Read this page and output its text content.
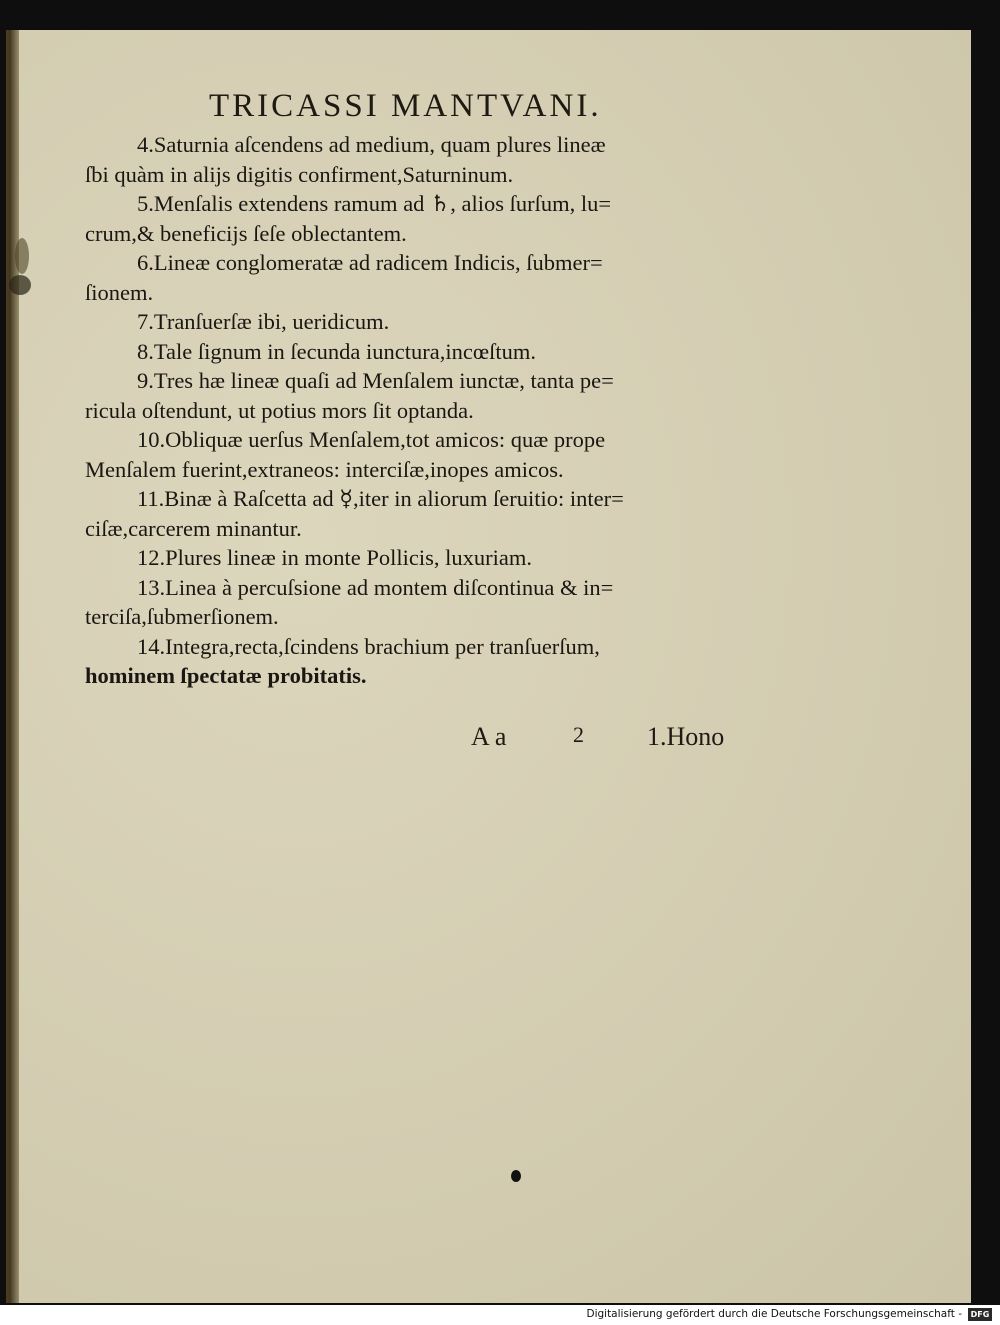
TRICASSI MANTVANI.
4.Saturnia aſcendens ad medium, quam plures lineæ
ſbi quàm in alijs digitis confirment,Saturninum.
5.Menſalis extendens ramum ad ♄, alios ſurſum, lu=
crum,& beneficijs ſeſe oblectantem.
6.Lineæ conglomeratæ ad radicem Indicis, ſubmer=
ſionem.
7.Tranſuerſæ ibi, ueridicum.
8.Tale ſignum in ſecunda iunctura,incœſtum.
9.Tres hæ lineæ quaſi ad Menſalem iunctæ, tanta pe=
ricula oſtendunt, ut potius mors ſit optanda.
10.Obliquæ uerſus Menſalem,tot amicos: quæ prope
Menſalem fuerint,extraneos: interciſæ,inopes amicos.
11.Binæ à Raſcetta ad ☿,iter in aliorum ſeruitio: inter=
ciſæ,carcerem minantur.
12.Plures lineæ in monte Pollicis, luxuriam.
13.Linea à percuſsione ad montem diſcontinua & in=
terciſa,ſubmerſionem.
14.Integra,recta,ſcindens brachium per tranſuerſum,
hominem ſpectatæ probitatis.
A a	2 1.Hono
Digitalisierung gefördert durch die Deutsche Forschungsgemeinschaft -	DFG
